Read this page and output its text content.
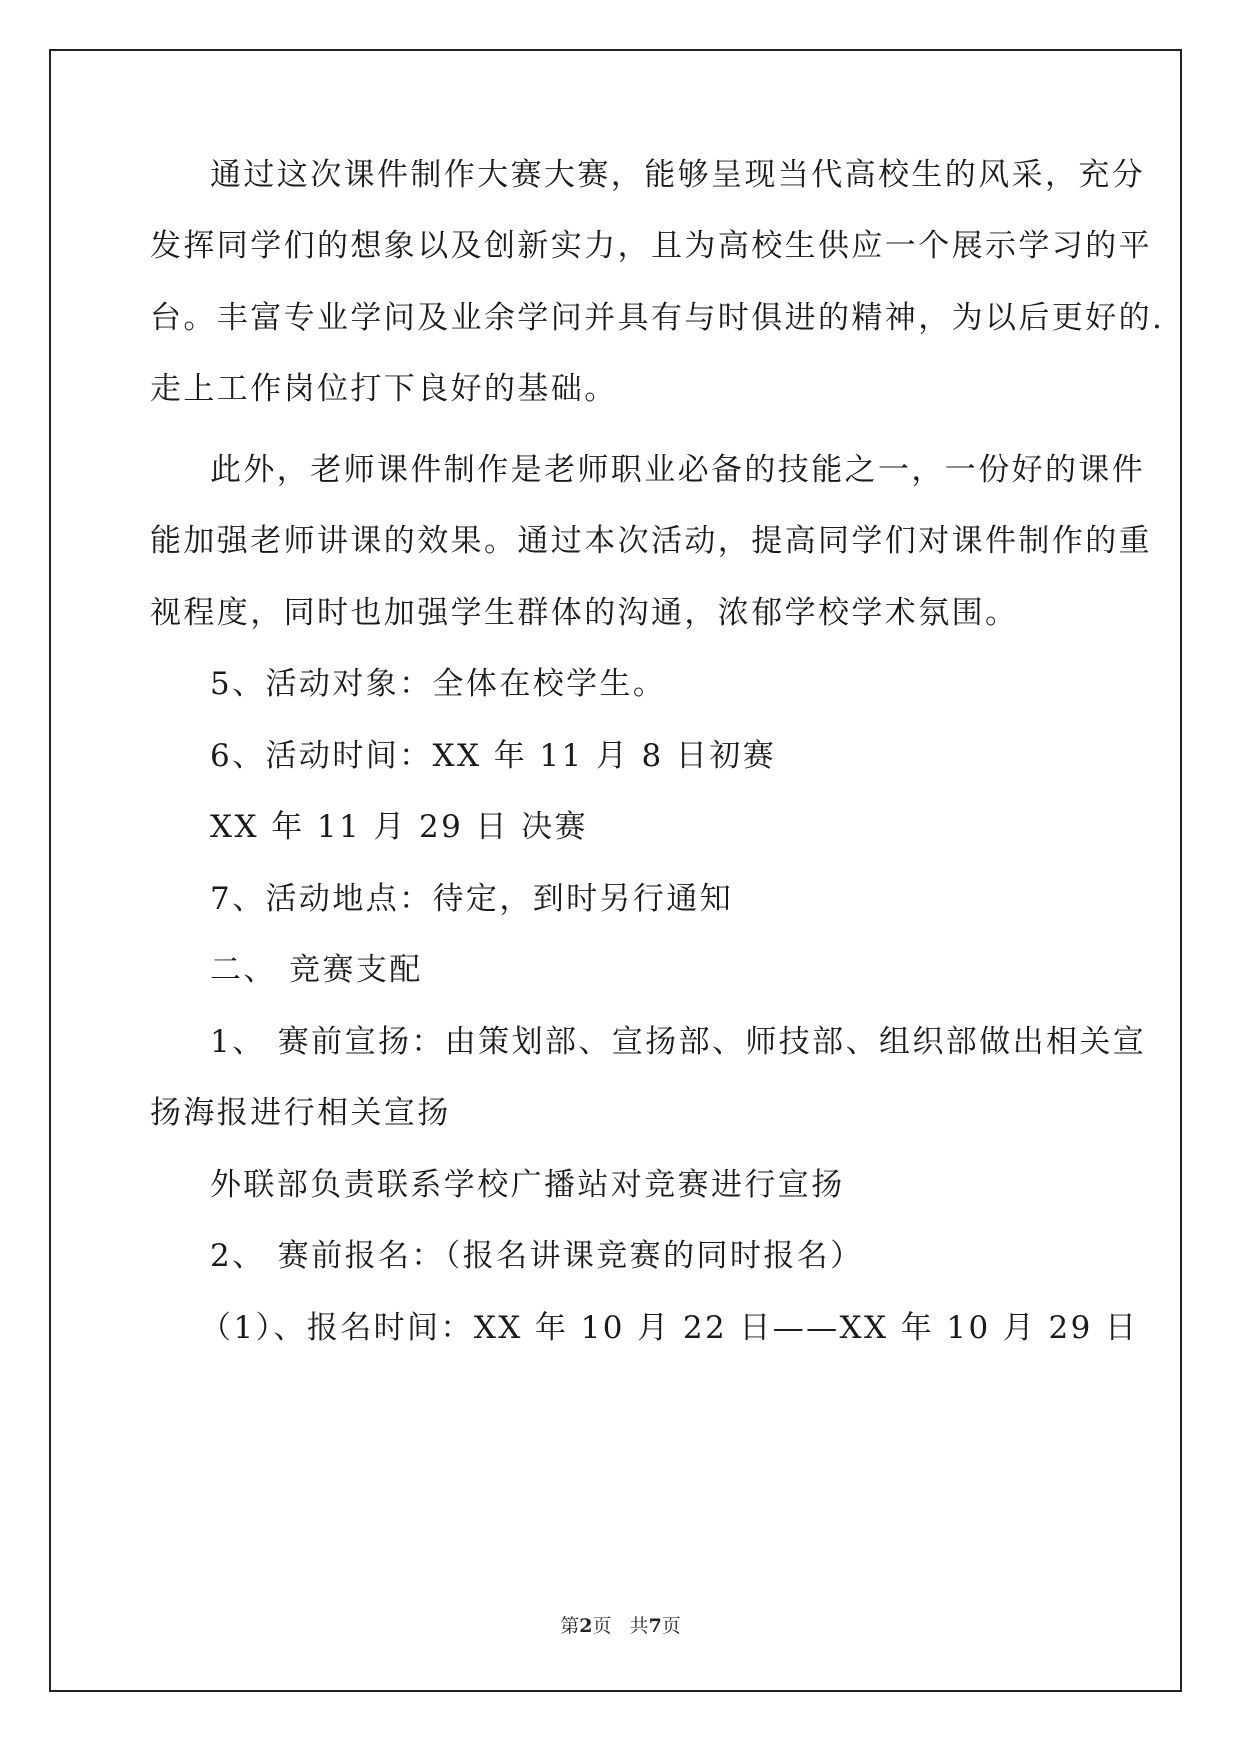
通过这次课件制作大赛大赛，能够呈现当代高校生的风采，充分
发挥同学们的想象以及创新实力，且为高校生供应一个展示学习的平
台。丰富专业学问及业余学问并具有与时俱进的精神，为以后更好的.
走上工作岗位打下良好的基础。
此外，老师课件制作是老师职业必备的技能之一，一份好的课件
能加强老师讲课的效果。通过本次活动，提高同学们对课件制作的重
视程度，同时也加强学生群体的沟通，浓郁学校学术氛围。
5、活动对象：全体在校学生。
6、活动时间：XX 年 11 月 8 日初赛
XX 年 11 月 29 日 决赛
7、活动地点：待定，到时另行通知
二、 竞赛支配
1、 赛前宣扬：由策划部、宣扬部、师技部、组织部做出相关宣
扬海报进行相关宣扬
外联部负责联系学校广播站对竞赛进行宣扬
2、 赛前报名：（报名讲课竞赛的同时报名）
（1）、报名时间：XX 年 10 月 22 日——XX 年 10 月 29 日
第2页   共7页
